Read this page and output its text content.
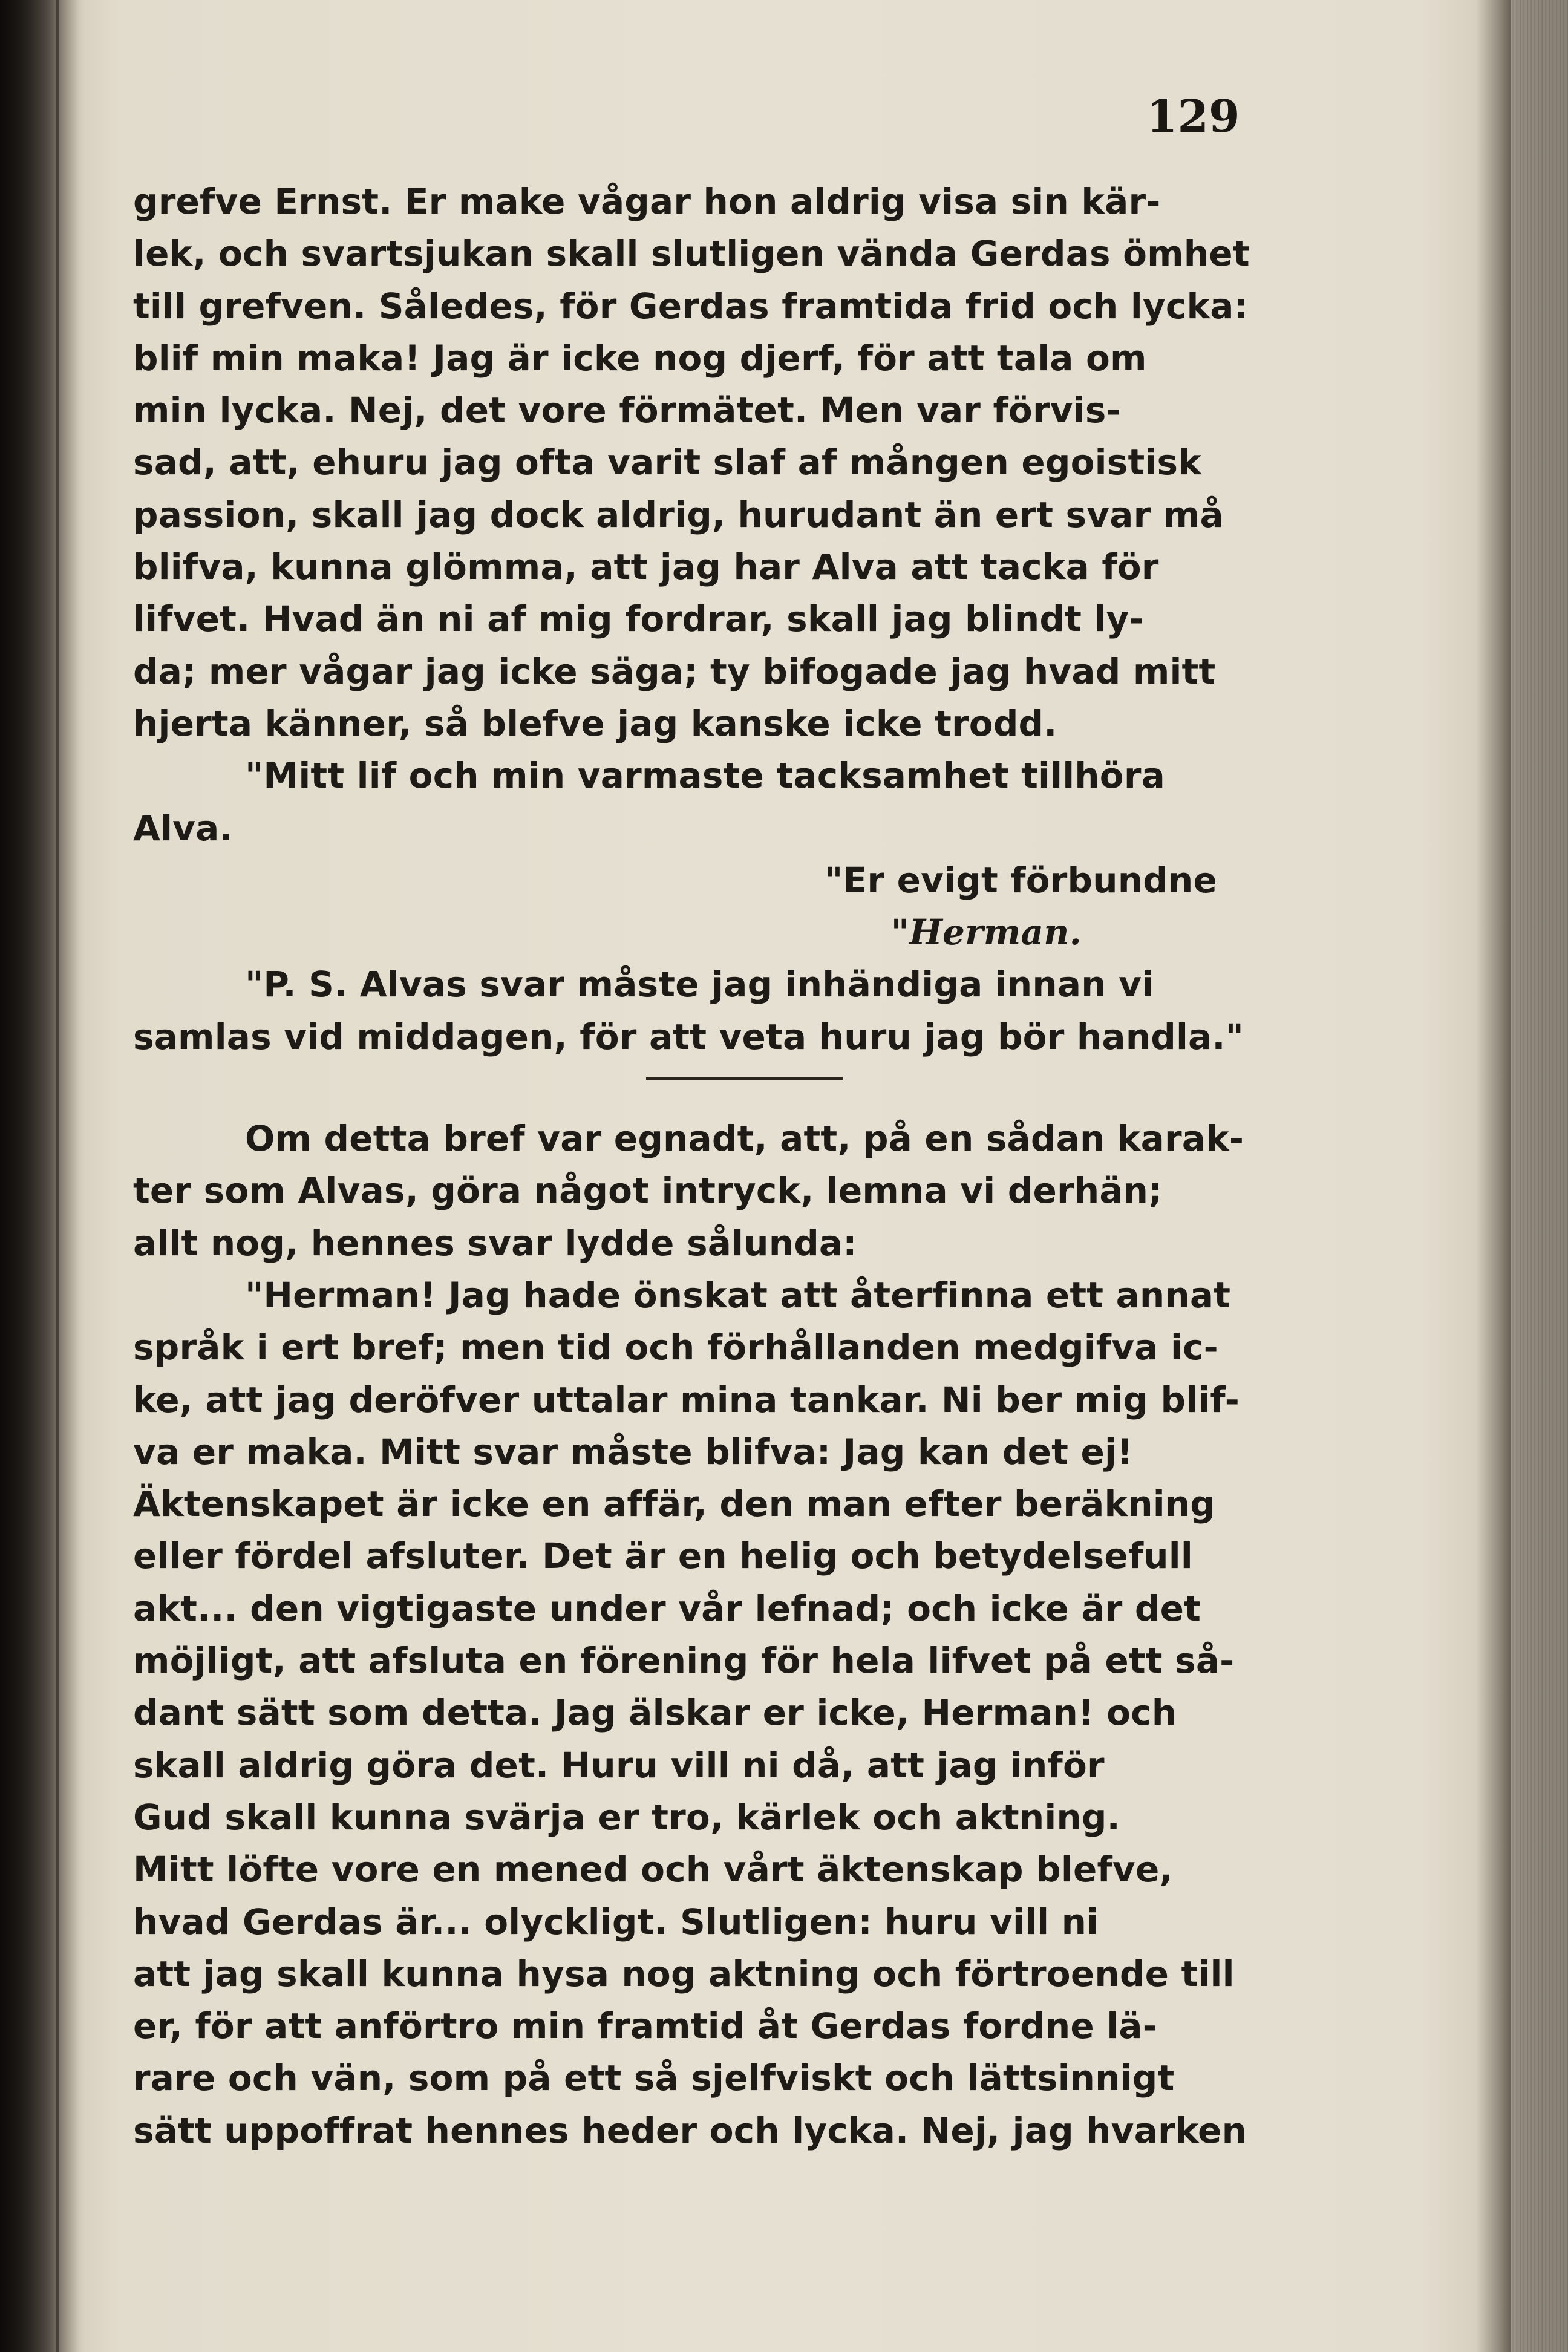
129

grefve Ernst. Er make vågar hon aldrig visa sin kär-

lek, och svartsjukan skall slutligen vända Gerdas ömhet

till grefven. Således, för Gerdas framtida frid och lycka:

blif min maka! Jag är icke nog djerf, för att tala om

min lycka. Nej, det vore förmätet. Men var förvis-

sad, att, ehuru jag ofta varit slaf af mången egoistisk

passion, skall jag dock aldrig, hurudant än ert svar må

blifva, kunna glömma, att jag har Alva att tacka för

lifvet. Hvad än ni af mig fordrar, skall jag blindt ly-

da; mer vågar jag icke säga; ty bifogade jag hvad mitt

hjerta känner, så blefve jag kanske icke trodd.

"Mitt lif och min varmaste tacksamhet tillhöra

Alva.

"Er evigt förbundne

"Herman.

"P. S. Alvas svar måste jag inhändiga innan vi

samlas vid middagen, för att veta huru jag bör handla."

Om detta bref var egnadt, att, på en sådan karak-

ter som Alvas, göra något intryck, lemna vi derhän;

allt nog, hennes svar lydde sålunda:

"Herman! Jag hade önskat att återfinna ett annat

språk i ert bref; men tid och förhållanden medgifva ic-

ke, att jag deröfver uttalar mina tankar. Ni ber mig blif-

va er maka. Mitt svar måste blifva: Jag kan det ej!

Äktenskapet är icke en affär, den man efter beräkning

eller fördel afsluter. Det är en helig och betydelsefull

akt... den vigtigaste under vår lefnad; och icke är det

möjligt, att afsluta en förening för hela lifvet på ett så-

dant sätt som detta. Jag älskar er icke, Herman! och

skall aldrig göra det. Huru vill ni då, att jag inför

Gud skall kunna svärja er tro, kärlek och aktning.

Mitt löfte vore en mened och vårt äktenskap blefve,

hvad Gerdas är... olyckligt. Slutligen: huru vill ni

att jag skall kunna hysa nog aktning och förtroende till

er, för att anförtro min framtid åt Gerdas fordne lä-

rare och vän, som på ett så sjelfviskt och lättsinnigt

sätt uppoffrat hennes heder och lycka. Nej, jag hvarken
